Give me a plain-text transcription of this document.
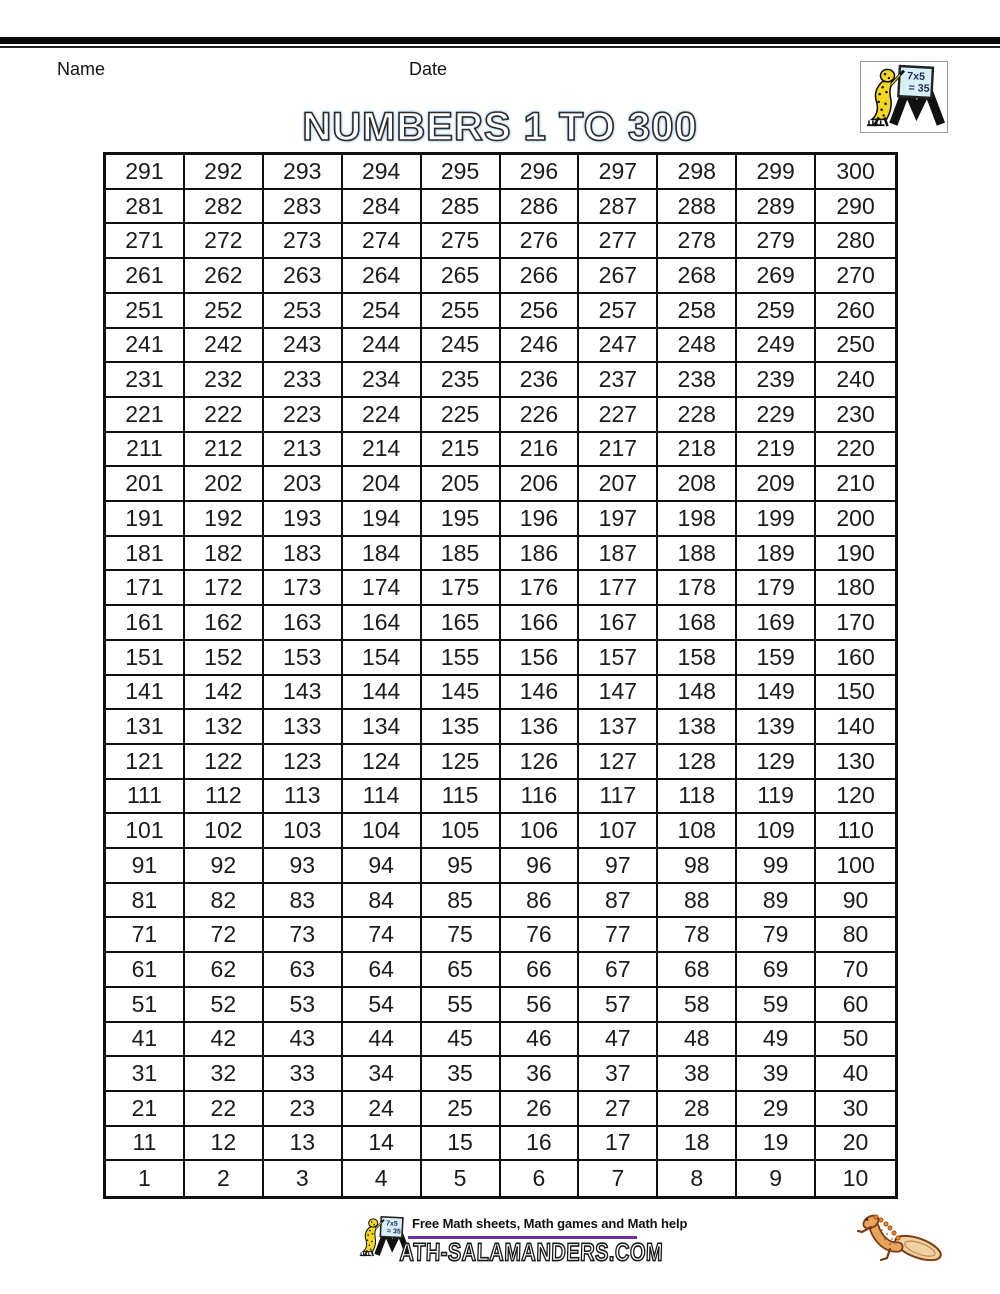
Name	Date	7x5
= 35
NUMBERS 1 TO 300
291	292	293	294	295	296	297	298	299	300
281	282	283	284	285	286	287	288	289	290
271	272	273	274	275	276	277	278	279	280
261	262	263	264	265	266	267	268	269	270
251	252	253	254	255	256	257	258	259	260
241	242	243	244	245	246	247	248	249	250
231	232	233	234	235	236	237	238	239	240
221	222	223	224	225	226	227	228	229	230
211	212	213	214	215	216	217	218	219	220
201	202	203	204	205	206	207	208	209	210
191	192	193	194	195	196	197	198	199	200
181	182	183	184	185	186	187	188	189	190
171	172	173	174	175	176	177	178	179	180
161	162	163	164	165	166	167	168	169	170
151	152	153	154	155	156	157	158	159	160
141	142	143	144	145	146	147	148	149	150
131	132	133	134	135	136	137	138	139	140
121	122	123	124	125	126	127	128	129	130
111	112	113	114	115	116	117	118	119	120
101	102	103	104	105	106	107	108	109	110
91	92	93	94	95	96	97	98	99	100
81	82	83	84	85	86	87	88	89	90
71	72	73	74	75	76	77	78	79	80
61	62	63	64	65	66	67	68	69	70
51	52	53	54	55	56	57	58	59	60
41	42	43	44	45	46	47	48	49	50
31	32	33	34	35	36	37	38	39	40
21	22	23	24	25	26	27	28	29	30
11	12	13	14	15	16	17	18	19	20
1	2	3	4	5	6	7	8	9	10
Free Math sheets, Math games and Math help
ATH-SALAMANDERS.COM
